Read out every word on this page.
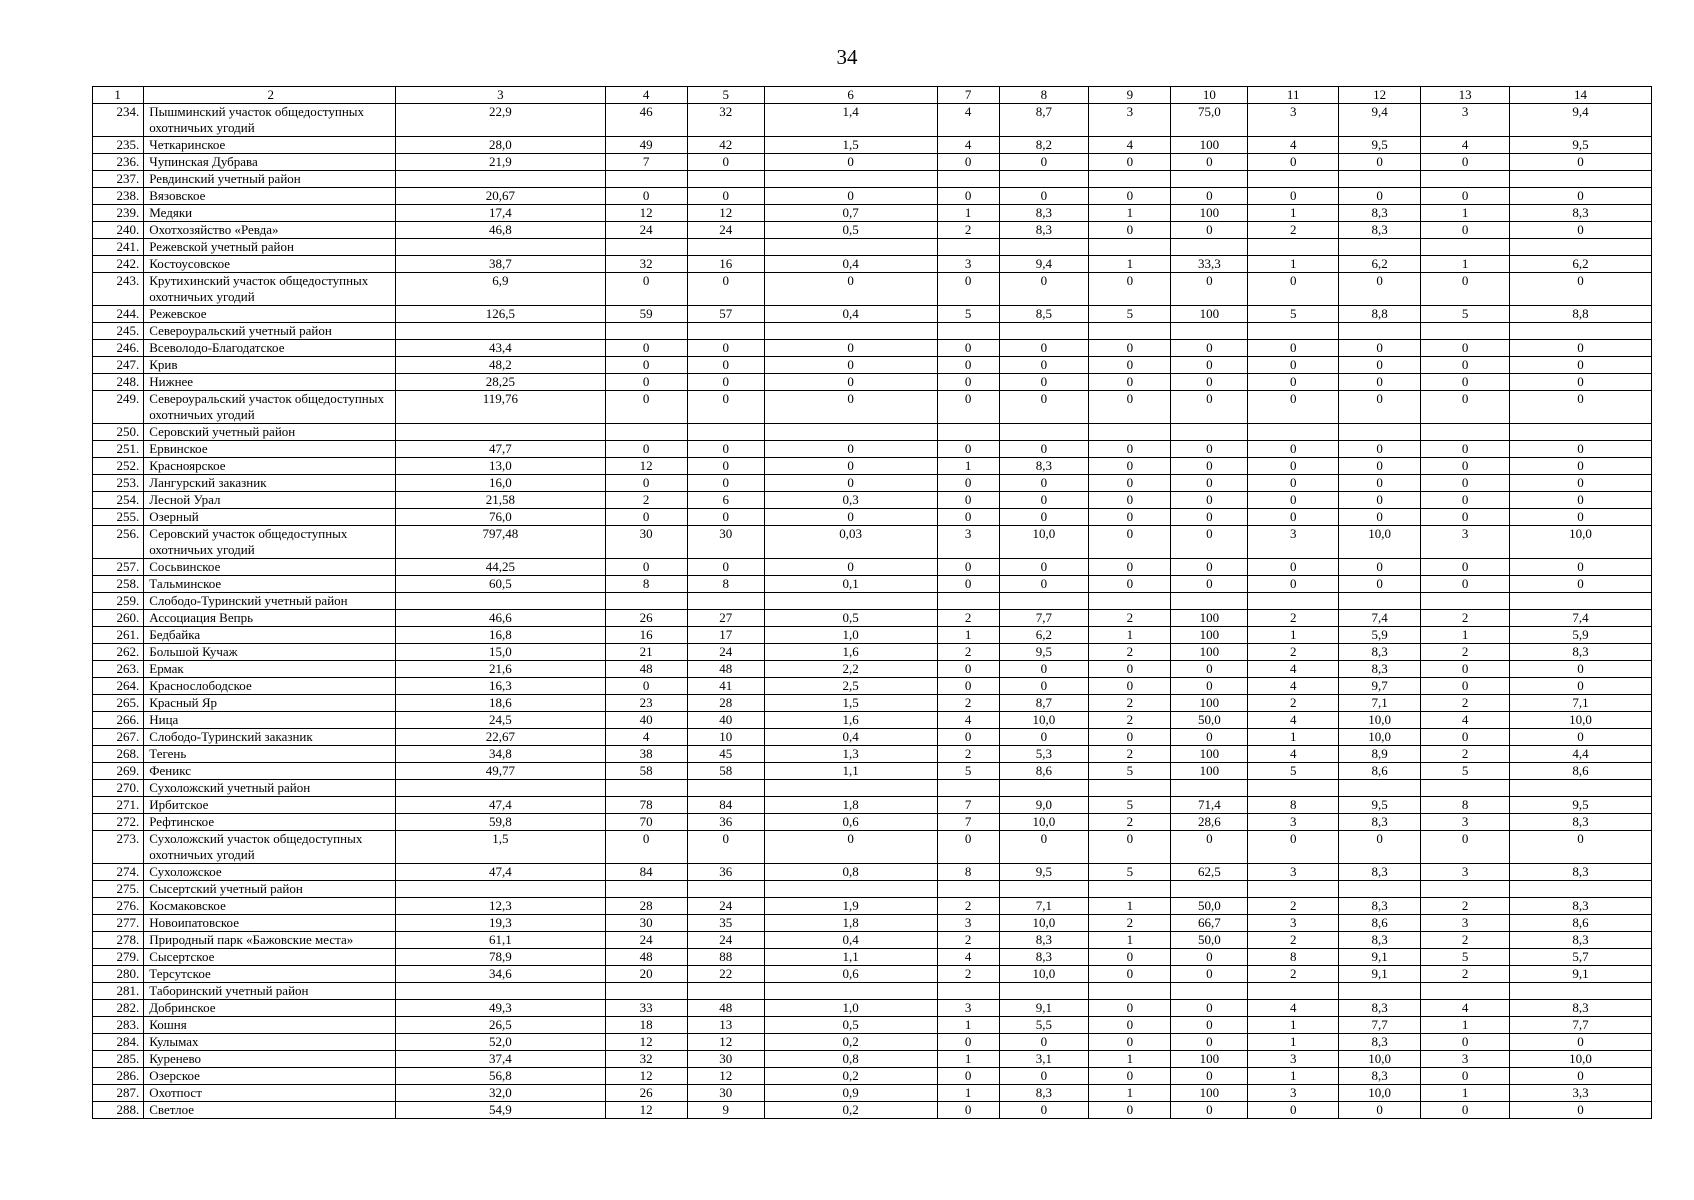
34
1	2	3	4	5	6	7	8	9	10	11	12	13	14
234.	Пышминский участок общедоступных охотничьих угодий	22,9	46	32	1,4	4	8,7	3	75,0	3	9,4	3	9,4
235.	Четкаринское	28,0	49	42	1,5	4	8,2	4	100	4	9,5	4	9,5
236.	Чупинская Дубрава	21,9	7	0	0	0	0	0	0	0	0	0	0
237.	Ревдинский учетный район												
238.	Вязовское	20,67	0	0	0	0	0	0	0	0	0	0	0
239.	Медяки	17,4	12	12	0,7	1	8,3	1	100	1	8,3	1	8,3
240.	Охотхозяйство «Ревда»	46,8	24	24	0,5	2	8,3	0	0	2	8,3	0	0
241.	Режевской учетный район												
242.	Костоусовское	38,7	32	16	0,4	3	9,4	1	33,3	1	6,2	1	6,2
243.	Крутихинский участок общедоступных охотничьих угодий	6,9	0	0	0	0	0	0	0	0	0	0	0
244.	Режевское	126,5	59	57	0,4	5	8,5	5	100	5	8,8	5	8,8
245.	Североуральский учетный район												
246.	Всеволодо-Благодатское	43,4	0	0	0	0	0	0	0	0	0	0	0
247.	Крив	48,2	0	0	0	0	0	0	0	0	0	0	0
248.	Нижнее	28,25	0	0	0	0	0	0	0	0	0	0	0
249.	Североуральский участок общедоступных охотничьих угодий	119,76	0	0	0	0	0	0	0	0	0	0	0
250.	Серовский учетный район												
251.	Ервинское	47,7	0	0	0	0	0	0	0	0	0	0	0
252.	Красноярское	13,0	12	0	0	1	8,3	0	0	0	0	0	0
253.	Лангурский заказник	16,0	0	0	0	0	0	0	0	0	0	0	0
254.	Лесной Урал	21,58	2	6	0,3	0	0	0	0	0	0	0	0
255.	Озерный	76,0	0	0	0	0	0	0	0	0	0	0	0
256.	Серовский участок общедоступных охотничьих угодий	797,48	30	30	0,03	3	10,0	0	0	3	10,0	3	10,0
257.	Сосьвинское	44,25	0	0	0	0	0	0	0	0	0	0	0
258.	Тальминское	60,5	8	8	0,1	0	0	0	0	0	0	0	0
259.	Слободо-Туринский учетный район												
260.	Ассоциация Вепрь	46,6	26	27	0,5	2	7,7	2	100	2	7,4	2	7,4
261.	Бедбайка	16,8	16	17	1,0	1	6,2	1	100	1	5,9	1	5,9
262.	Большой Кучаж	15,0	21	24	1,6	2	9,5	2	100	2	8,3	2	8,3
263.	Ермак	21,6	48	48	2,2	0	0	0	0	4	8,3	0	0
264.	Краснослободское	16,3	0	41	2,5	0	0	0	0	4	9,7	0	0
265.	Красный Яр	18,6	23	28	1,5	2	8,7	2	100	2	7,1	2	7,1
266.	Ница	24,5	40	40	1,6	4	10,0	2	50,0	4	10,0	4	10,0
267.	Слободо-Туринский заказник	22,67	4	10	0,4	0	0	0	0	1	10,0	0	0
268.	Тегень	34,8	38	45	1,3	2	5,3	2	100	4	8,9	2	4,4
269.	Феникс	49,77	58	58	1,1	5	8,6	5	100	5	8,6	5	8,6
270.	Сухоложский учетный район												
271.	Ирбитское	47,4	78	84	1,8	7	9,0	5	71,4	8	9,5	8	9,5
272.	Рефтинское	59,8	70	36	0,6	7	10,0	2	28,6	3	8,3	3	8,3
273.	Сухоложский участок общедоступных охотничьих угодий	1,5	0	0	0	0	0	0	0	0	0	0	0
274.	Сухоложское	47,4	84	36	0,8	8	9,5	5	62,5	3	8,3	3	8,3
275.	Сысертский учетный район												
276.	Космаковское	12,3	28	24	1,9	2	7,1	1	50,0	2	8,3	2	8,3
277.	Новоипатовское	19,3	30	35	1,8	3	10,0	2	66,7	3	8,6	3	8,6
278.	Природный парк «Бажовские места»	61,1	24	24	0,4	2	8,3	1	50,0	2	8,3	2	8,3
279.	Сысертское	78,9	48	88	1,1	4	8,3	0	0	8	9,1	5	5,7
280.	Терсутское	34,6	20	22	0,6	2	10,0	0	0	2	9,1	2	9,1
281.	Таборинский учетный район												
282.	Добринское	49,3	33	48	1,0	3	9,1	0	0	4	8,3	4	8,3
283.	Кошня	26,5	18	13	0,5	1	5,5	0	0	1	7,7	1	7,7
284.	Кулымах	52,0	12	12	0,2	0	0	0	0	1	8,3	0	0
285.	Куренево	37,4	32	30	0,8	1	3,1	1	100	3	10,0	3	10,0
286.	Озерское	56,8	12	12	0,2	0	0	0	0	1	8,3	0	0
287.	Охотпост	32,0	26	30	0,9	1	8,3	1	100	3	10,0	1	3,3
288.	Светлое	54,9	12	9	0,2	0	0	0	0	0	0	0	0
